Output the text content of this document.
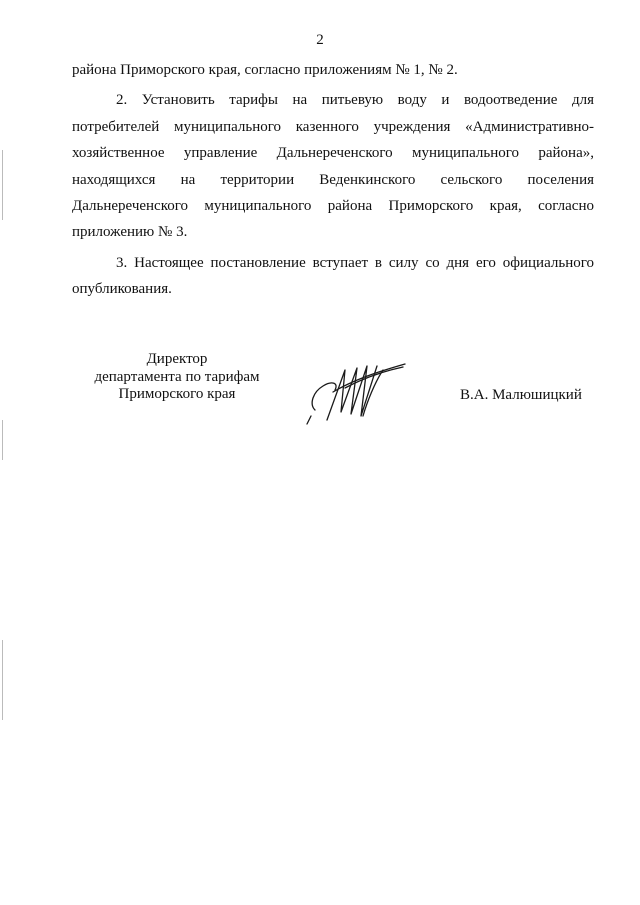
2

района Приморского края, согласно приложениям № 1, № 2.

2. Установить тарифы на питьевую воду и водоотведение для потребителей муниципального казенного учреждения «Административно-хозяйственное управление Дальнереченского муниципального района», находящихся на территории Веденкинского сельского поселения Дальнереченского муниципального района Приморского края, согласно приложению № 3.

3. Настоящее постановление вступает в силу со дня его официального опубликования.

Директор
департамента по тарифам
Приморского края	В.А. Малюшицкий
